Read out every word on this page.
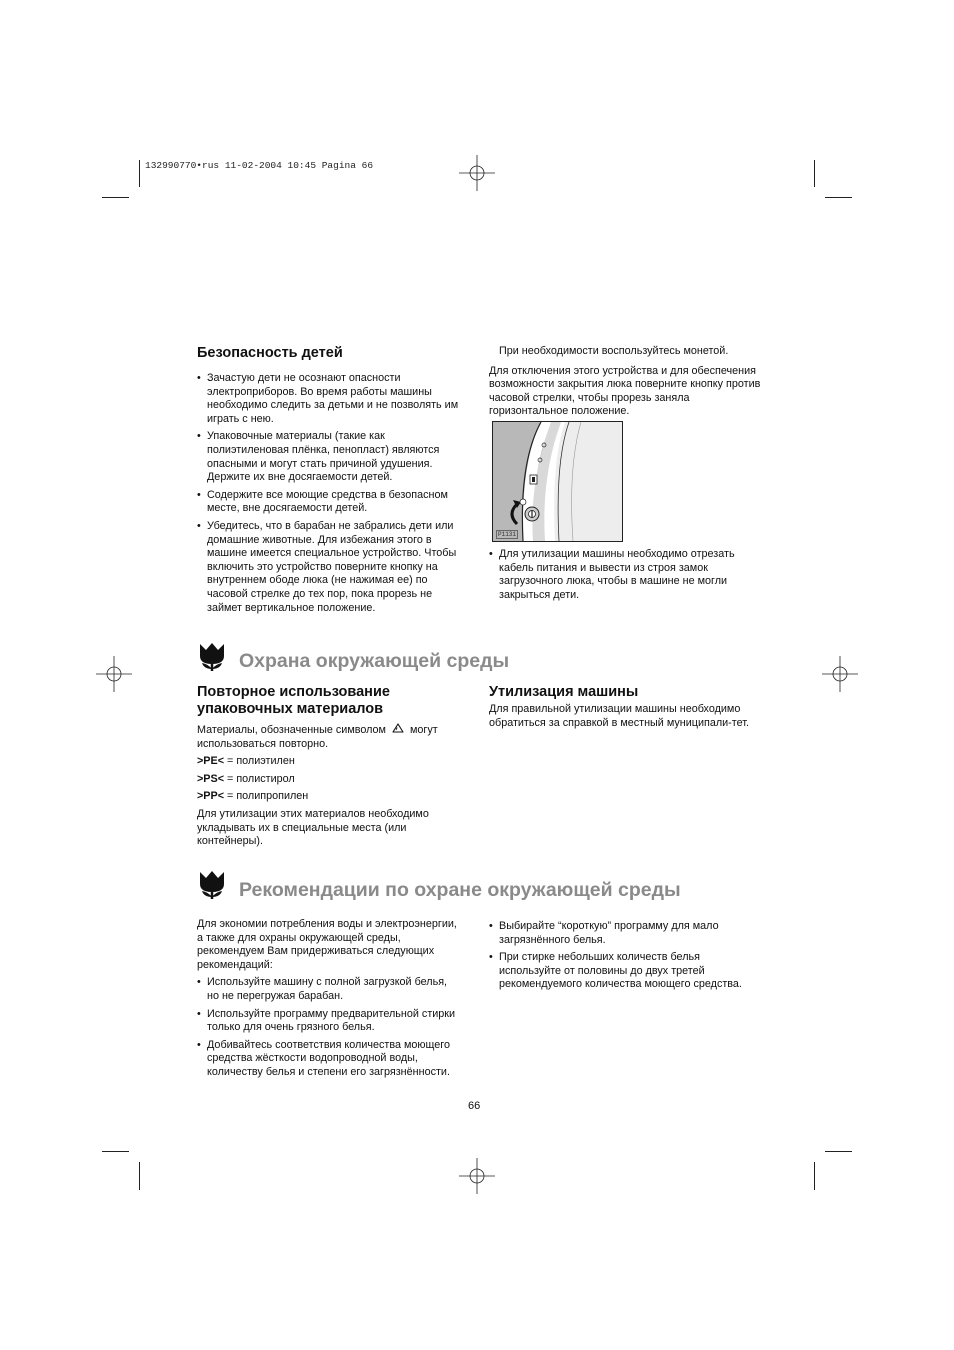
132990770•rus 11-02-2004 10:45 Pagina 66
Безопасность детей
• Зачастую дети не осознают опасности электроприборов. Во время работы машины необходимо следить за детьми и не позволять им играть с нею.
• Упаковочные материалы (такие как полиэтиленовая плёнка, пенопласт) являются опасными и могут стать причиной удушения. Держите их вне досягаемости детей.
• Содержите все моющие средства в безопасном месте, вне досягаемости детей.
• Убедитесь, что в барабан не забрались дети или домашние животные. Для избежания этого в машине имеется специальное устройство. Чтобы включить это устройство поверните кнопку на внутреннем ободе люка (не нажимая ее) по часовой стрелке до тех пор, пока прорезь не займет вертикальное положение.

При необходимости воспользуйтесь монетой.

Для отключения этого устройства и для обеспечения возможности закрытия люка поверните кнопку против часовой стрелки, чтобы прорезь заняла горизонтальное положение.

P1131
• Для утилизации машины необходимо отрезать кабель питания и вывести из строя замок загрузочного люка, чтобы в машине не могли закрыться дети.
Охрана окружающей среды
Повторное использование
упаковочных материалов

Материалы, обозначенные символом могут использоваться повторно.

>PE< = полиэтилен

>PS< = полистирол

>PP< = полипропилен

Для утилизации этих материалов необходимо укладывать их в специальные места (или контейнеры).

Утилизация машины
Для правильной утилизации машины необходимо обратиться за справкой в местный муниципали-тет.
Рекомендации по охране окружающей среды

Для экономии потребления воды и электроэнергии, а также для охраны окружающей среды, рекомендуем Вам придерживаться следующих рекомендаций:

• Используйте машину с полной загрузкой белья, но не перегружая барабан.
• Используйте программу предварительной стирки только для очень грязного белья.
• Добивайтесь соответствия количества моющего средства жёсткости водопроводной воды, количеству белья и степени его загрязнённости.
• Выбирайте “короткую” программу для мало загрязнённого белья.
• При стирке небольших количеств белья используйте от половины до двух третей рекомендуемого количества моющего средства.
66
